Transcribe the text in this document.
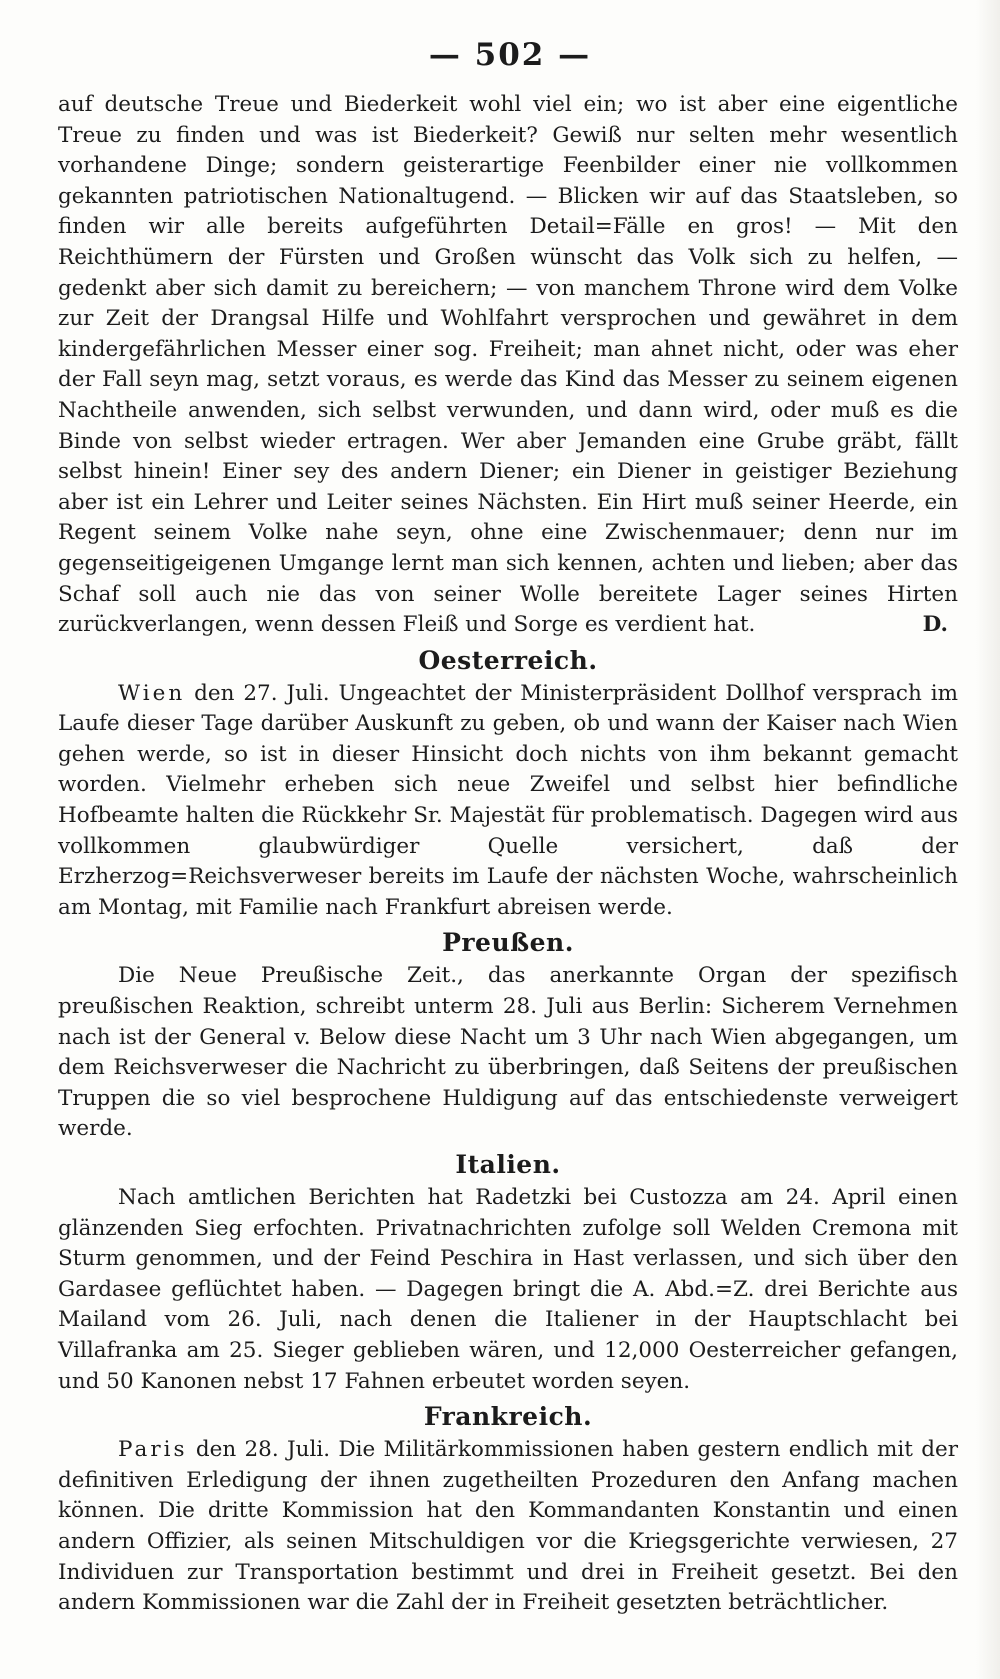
— 502 —

auf deutsche Treue und Biederkeit wohl viel ein; wo ist aber eine eigentliche Treue zu finden und was ist Biederkeit? Gewiß nur selten mehr wesentlich vorhandene Dinge; sondern geisterartige Feenbilder einer nie vollkommen gekannten patriotischen Nationaltugend. — Blicken wir auf das Staatsleben, so finden wir alle bereits aufgeführten Detail=Fälle en gros! — Mit den Reichthümern der Fürsten und Großen wünscht das Volk sich zu helfen, — gedenkt aber sich damit zu bereichern; — von manchem Throne wird dem Volke zur Zeit der Drangsal Hilfe und Wohlfahrt versprochen und gewähret in dem kindergefährlichen Messer einer sog. Freiheit; man ahnet nicht, oder was eher der Fall seyn mag, setzt voraus, es werde das Kind das Messer zu seinem eigenen Nachtheile anwenden, sich selbst verwunden, und dann wird, oder muß es die Binde von selbst wieder ertragen. Wer aber Jemanden eine Grube gräbt, fällt selbst hinein! Einer sey des andern Diener; ein Diener in geistiger Beziehung aber ist ein Lehrer und Leiter seines Nächsten. Ein Hirt muß seiner Heerde, ein Regent seinem Volke nahe seyn, ohne eine Zwischenmauer; denn nur im gegenseitigeigenen Umgange lernt man sich kennen, achten und lieben; aber das Schaf soll auch nie das von seiner Wolle bereitete Lager seines Hirten zurückverlangen, wenn dessen Fleiß und Sorge es verdient hat.	D.

Oesterreich.

Wien den 27. Juli. Ungeachtet der Ministerpräsident Dollhof versprach im Laufe dieser Tage darüber Auskunft zu geben, ob und wann der Kaiser nach Wien gehen werde, so ist in dieser Hinsicht doch nichts von ihm bekannt gemacht worden. Vielmehr erheben sich neue Zweifel und selbst hier befindliche Hofbeamte halten die Rückkehr Sr. Majestät für problematisch. Dagegen wird aus vollkommen glaubwürdiger Quelle versichert, daß der Erzherzog=Reichsverweser bereits im Laufe der nächsten Woche, wahrscheinlich am Montag, mit Familie nach Frankfurt abreisen werde.

Preußen.

Die Neue Preußische Zeit., das anerkannte Organ der spezifisch preußischen Reaktion, schreibt unterm 28. Juli aus Berlin: Sicherem Vernehmen nach ist der General v. Below diese Nacht um 3 Uhr nach Wien abgegangen, um dem Reichsverweser die Nachricht zu überbringen, daß Seitens der preußischen Truppen die so viel besprochene Huldigung auf das entschiedenste verweigert werde.

Italien.

Nach amtlichen Berichten hat Radetzki bei Custozza am 24. April einen glänzenden Sieg erfochten. Privatnachrichten zufolge soll Welden Cremona mit Sturm genommen, und der Feind Peschira in Hast verlassen, und sich über den Gardasee geflüchtet haben. — Dagegen bringt die A. Abd.=Z. drei Berichte aus Mailand vom 26. Juli, nach denen die Italiener in der Hauptschlacht bei Villafranka am 25. Sieger geblieben wären, und 12,000 Oesterreicher gefangen, und 50 Kanonen nebst 17 Fahnen erbeutet worden seyen.

Frankreich.

Paris den 28. Juli. Die Militärkommissionen haben gestern endlich mit der definitiven Erledigung der ihnen zugetheilten Prozeduren den Anfang machen können. Die dritte Kommission hat den Kommandanten Konstantin und einen andern Offizier, als seinen Mitschuldigen vor die Kriegsgerichte verwiesen, 27 Individuen zur Transportation bestimmt und drei in Freiheit gesetzt. Bei den andern Kommissionen war die Zahl der in Freiheit gesetzten beträchtlicher.
